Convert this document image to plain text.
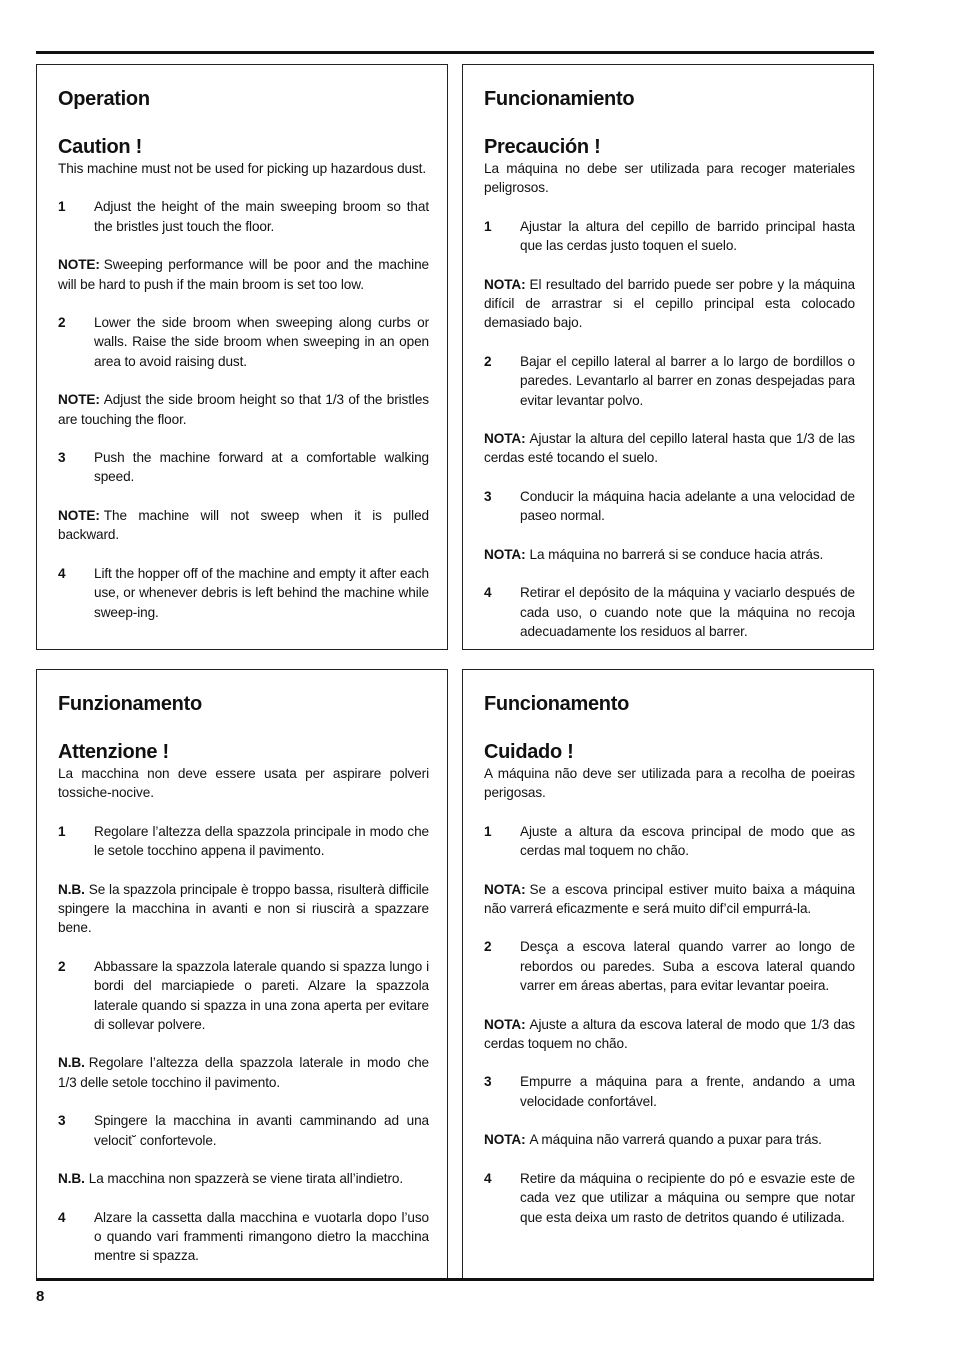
Operation
Caution !

This machine must not be used for picking up hazardous dust.

1	Adjust the height of the main sweeping broom so that the bristles just touch the floor.

NOTE: Sweeping performance will be poor and the machine will be hard to push if the main broom is set too low.

2	Lower the side broom when sweeping along curbs or walls. Raise the side broom when sweeping in an open area to avoid raising dust.

NOTE: Adjust the side broom height so that 1/3 of the bristles are touching the floor.

3	Push the machine forward at a comfortable walking speed.

NOTE: The machine will not sweep when it is pulled backward.

4	Lift the hopper off of the machine and empty it after each use, or whenever debris is left behind the machine while sweep-ing.
Funcionamiento
Precaución !

La máquina no debe ser utilizada para recoger materiales peligrosos.

1	Ajustar la altura del cepillo de barrido principal hasta que las cerdas justo toquen el suelo.

NOTA: El resultado del barrido puede ser pobre y la máquina difícil de arrastrar si el cepillo principal esta colocado demasiado bajo.

2	Bajar el cepillo lateral al barrer a lo largo de bordillos o paredes. Levantarlo al barrer en zonas despejadas para evitar levantar polvo.

NOTA: Ajustar la altura del cepillo lateral hasta que 1/3 de las cerdas esté tocando el suelo.

3	Conducir la máquina hacia adelante a una velocidad de paseo normal.

NOTA: La máquina no barrerá si se conduce hacia atrás.

4	Retirar el depósito de la máquina y vaciarlo después de cada uso, o cuando note que la máquina no recoja adecuadamente los residuos al barrer.
Funzionamento
Attenzione !

La macchina non deve essere usata per aspirare polveri tossiche-nocive.

1	Regolare l’altezza della spazzola principale in modo che le setole tocchino appena il pavimento.

N.B. Se la spazzola principale è troppo bassa, risulterà difficile spingere la macchina in avanti e non si riuscirà a spazzare bene.

2	Abbassare la spazzola laterale quando si spazza lungo i bordi del marciapiede o pareti. Alzare la spazzola laterale quando si spazza in una zona aperta per evitare di sollevar polvere.

N.B. Regolare l’altezza della spazzola laterale in modo che 1/3 delle setole tocchino il pavimento.

3	Spingere la macchina in avanti camminando ad una velocit˘ confortevole.

N.B. La macchina non spazzerà se viene tirata all’indietro.

4	Alzare la cassetta dalla macchina e vuotarla dopo l’uso o quando vari frammenti rimangono dietro la macchina mentre si spazza.
Funcionamento
Cuidado !

A máquina não deve ser utilizada para a recolha de poeiras perigosas.

1	Ajuste a altura da escova principal de modo que as cerdas mal toquem no chão.

NOTA: Se a escova principal estiver muito baixa a máquina não varrerá eficazmente e será muito dif’cil empurrá-la.

2	Desça a escova lateral quando varrer ao longo de rebordos ou paredes. Suba a escova lateral quando varrer em áreas abertas, para evitar levantar poeira.

NOTA: Ajuste a altura da escova lateral de modo que 1/3 das cerdas toquem no chão.

3	Empurre a máquina para a frente, andando a uma velocidade confortável.

NOTA: A máquina não varrerá quando a puxar para trás.

4	Retire da máquina o recipiente do pó e esvazie este de cada vez que utilizar a máquina ou sempre que notar que esta deixa um rasto de detritos quando é utilizada.
8
